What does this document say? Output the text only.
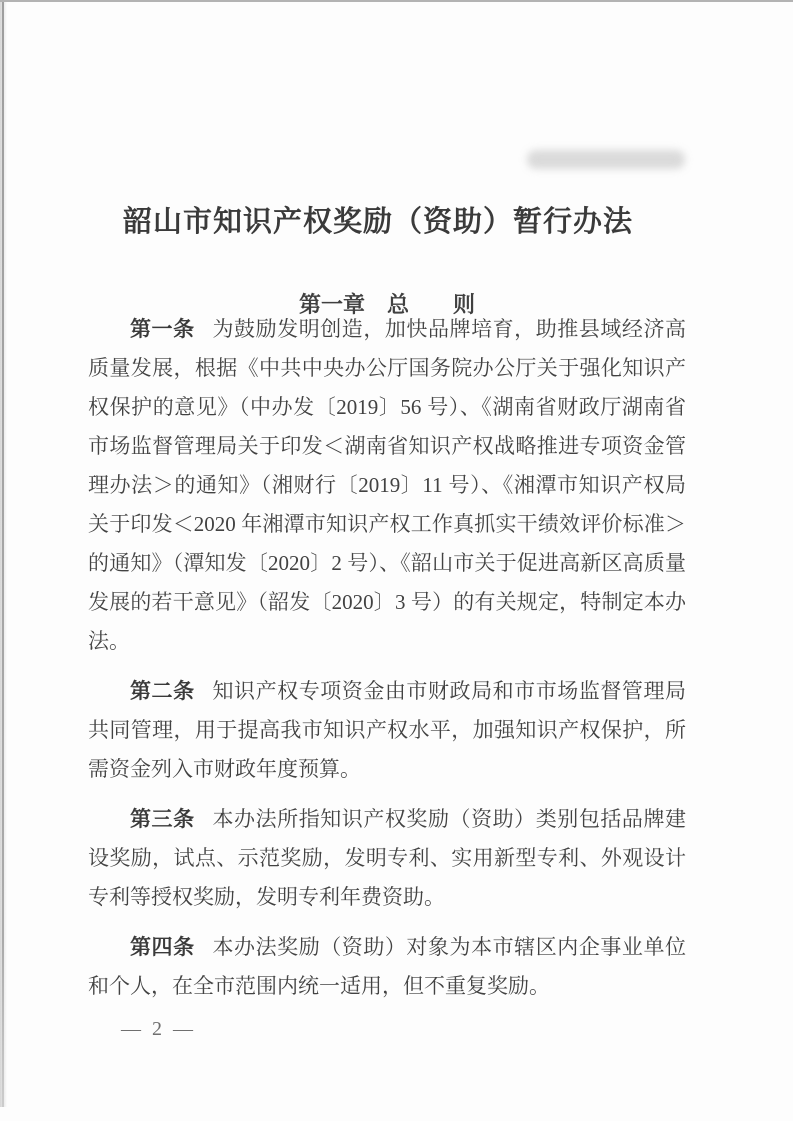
韶山市知识产权奖励（资助）暂行办法
第一章　总　　则

第一条 为鼓励发明创造，加快品牌培育，助推县域经济高质量发展，根据《中共中央办公厅国务院办公厅关于强化知识产权保护的意见》（中办发〔2019〕56 号）、《湖南省财政厅湖南省市场监督管理局关于印发＜湖南省知识产权战略推进专项资金管理办法＞的通知》（湘财行〔2019〕11 号）、《湘潭市知识产权局关于印发＜2020 年湘潭市知识产权工作真抓实干绩效评价标准＞的通知》（潭知发〔2020〕2 号）、《韶山市关于促进高新区高质量发展的若干意见》（韶发〔2020〕3 号）的有关规定，特制定本办法。

第二条 知识产权专项资金由市财政局和市市场监督管理局共同管理，用于提高我市知识产权水平，加强知识产权保护，所需资金列入市财政年度预算。

第三条 本办法所指知识产权奖励（资助）类别包括品牌建设奖励，试点、示范奖励，发明专利、实用新型专利、外观设计专利等授权奖励，发明专利年费资助。

第四条 本办法奖励（资助）对象为本市辖区内企事业单位和个人，在全市范围内统一适用，但不重复奖励。

— 2 —
